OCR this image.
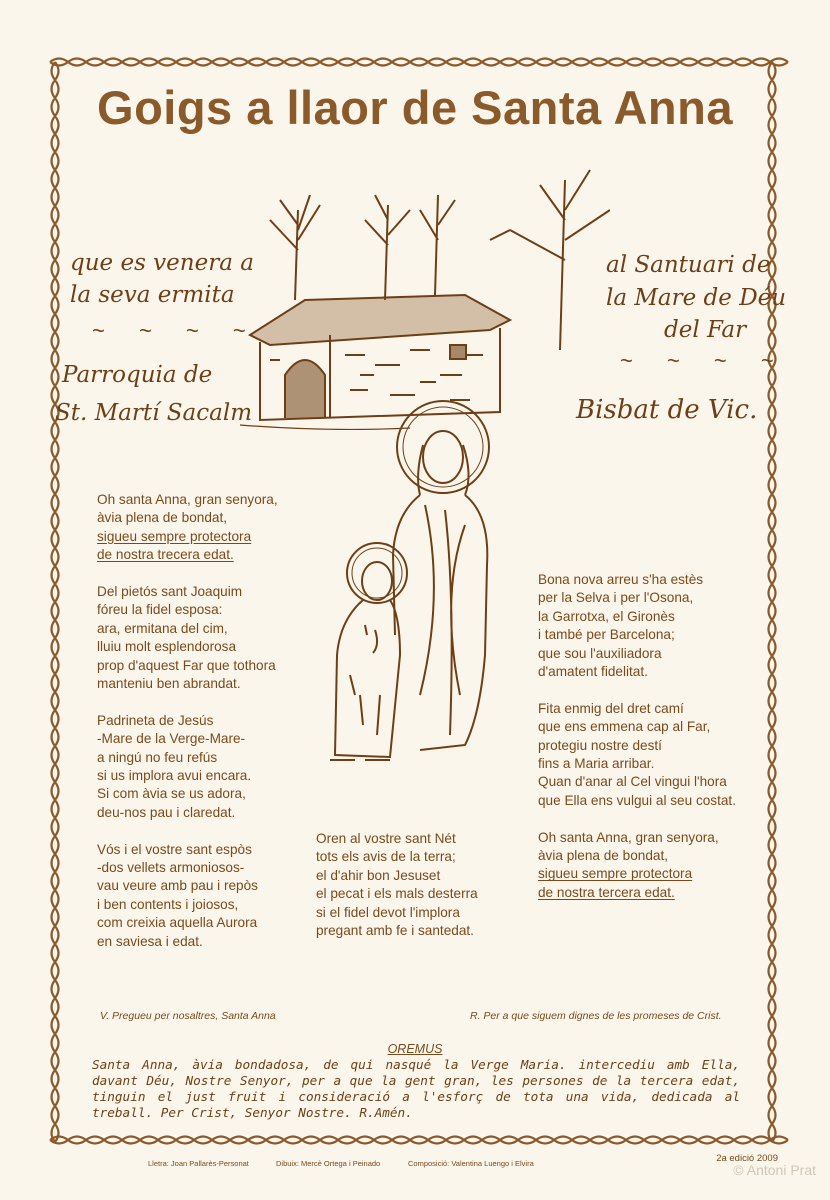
Goigs a llaor de Santa Anna
que es venera a
la seva ermita
~ ~ ~ ~
Parroquia de
St. Martí Sacalm
al Santuari de
la Mare de Déu
del Far
~ ~ ~ ~
Bisbat de Vic.
Oh santa Anna, gran senyora,
àvia plena de bondat,
sigueu sempre protectora
de nostra trecera edat.
Del pietós sant Joaquim
fóreu la fidel esposa:
ara, ermitana del cim,
lluiu molt esplendorosa
prop d'aquest Far que tothora
manteniu ben abrandat.
Padrineta de Jesús
-Mare de la Verge-Mare-
a ningú no feu refús
si us implora avui encara.
Si com àvia se us adora,
deu-nos pau i claredat.
Vós i el vostre sant espòs
-dos vellets armoniosos-
vau veure amb pau i repòs
i ben contents i joiosos,
com creixia aquella Aurora
en saviesa i edat.
Oren al vostre sant Nét
tots els avis de la terra;
el d'ahir bon Jesuset
el pecat i els mals desterra
si el fidel devot l'implora
pregant amb fe i santedat.
Bona nova arreu s'ha estès
per la Selva i per l'Osona,
la Garrotxa, el Gironès
i també per Barcelona;
que sou l'auxiliadora
d'amatent fidelitat.
Fita enmig del dret camí
que ens emmena cap al Far,
protegiu nostre destí
fins a Maria arribar.
Quan d'anar al Cel vingui l'hora
que Ella ens vulgui al seu costat.
Oh santa Anna, gran senyora,
àvia plena de bondat,
sigueu sempre protectora
de nostra tercera edat.
V. Pregueu per nosaltres, Santa Anna	R. Per a que siguem dignes de les promeses de Crist.
OREMUS
Santa Anna, àvia bondadosa, de qui nasqué la Verge Maria. intercediu amb Ella, davant Déu, Nostre Senyor, per a que la gent gran, les persones de la tercera edat, tinguin el just fruit i consideració a l'esforç de tota una vida, dedicada al treball. Per Crist, Senyor Nostre. R.Amén.
Lletra: Joan Pallarès-Personat	Dibuix: Mercè Ortega i Peinado	Composició: Valentina Luengo i Elvira	2a edició 2009
© Antoni Prat
